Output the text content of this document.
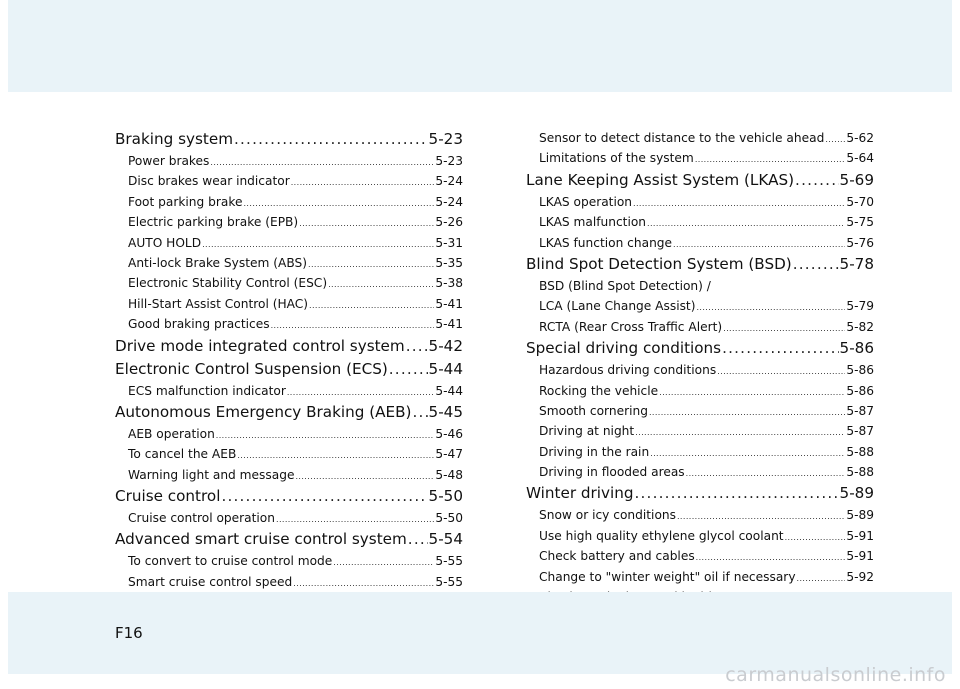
Braking system .....	5-23
Power brakes .....	5-23
Disc brakes wear indicator .....	5-24
Foot parking brake .....	5-24
Electric parking brake (EPB) .....	5-26
AUTO HOLD .....	5-31
Anti-lock Brake System (ABS) .....	5-35
Electronic Stability Control (ESC) .....	5-38
Hill-Start Assist Control (HAC) .....	5-41
Good braking practices .....	5-41
Drive mode integrated control system ..... 5-42
Electronic Control Suspension (ECS) .....	5-44
ECS malfunction indicator .....	5-44
Autonomous Emergency Braking (AEB) ..... 5-45
AEB operation .....	5-46
To cancel the AEB .....	5-47
Warning light and message .....	5-48
Cruise control .....	5-50
Cruise control operation .....	5-50
Advanced smart cruise control system ..... 5-54
To convert to cruise control mode .....	5-55
Smart cruise control speed .....	5-55
.....
.....
Sensor to detect distance to the vehicle ahead ..... 5-62
Limitations of the system .....	5-64
Lane Keeping Assist System (LKAS) .....	5-69
LKAS operation .....	5-70
LKAS malfunction .....	5-75
LKAS function change .....	5-76
Blind Spot Detection System (BSD) .....	5-78
BSD (Blind Spot Detection) /
LCA (Lane Change Assist) .....	5-79
RCTA (Rear Cross Traffic Alert) .....	5-82
Special driving conditions .....	5-86
Hazardous driving conditions .....	5-86
Rocking the vehicle .....	5-86
Smooth cornering .....	5-87
Driving at night .....	5-87
Driving in the rain .....	5-88
Driving in flooded areas .....	5-88
Winter driving .....	5-89
Snow or icy conditions .....	5-89
Use high quality ethylene glycol coolant .....	5-91
Check battery and cables .....	5-91
Change to "winter weight" oil if necessary .....	5-92
.....
.....
F16
carmanualsonline.info
